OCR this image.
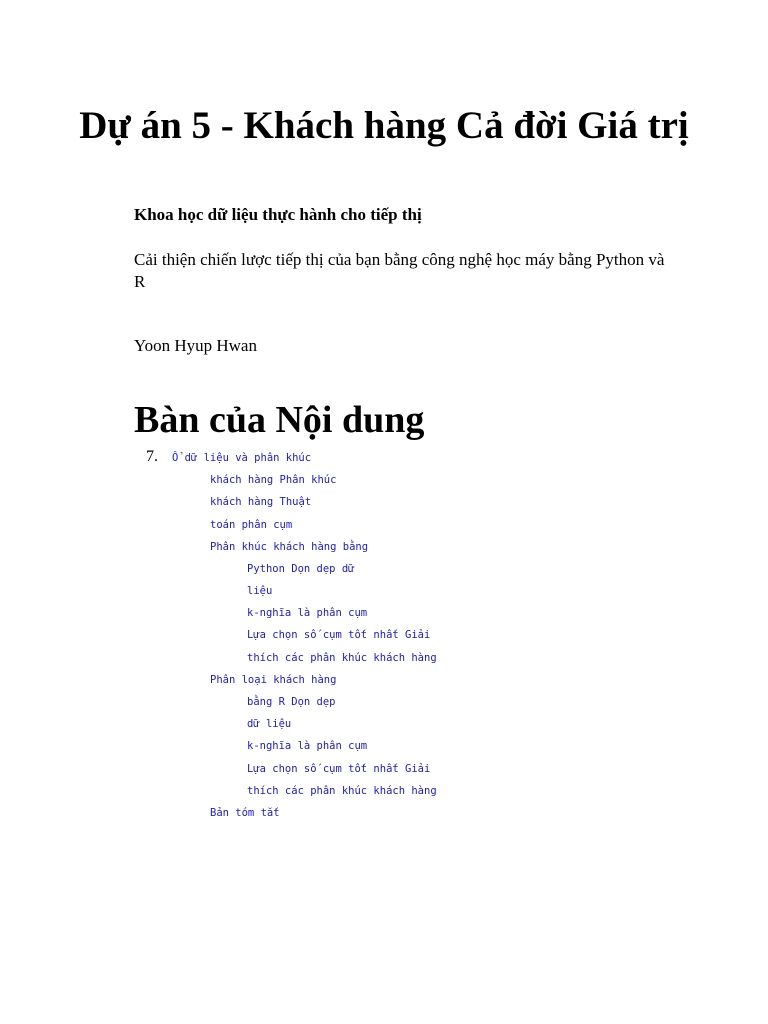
Dự án 5 - Khách hàng Cả đời Giá trị

Khoa học dữ liệu thực hành cho tiếp thị

Cải thiện chiến lược tiếp thị của bạn bằng công nghệ học máy bằng Python và R

Yoon Hyup Hwan

Bàn của Nội dung
7. Ổ dữ liệu và phân khúc
khách hàng Phân khúc
khách hàng Thuật
toán phân cụm
Phân khúc khách hàng bằng
Python Dọn dẹp dữ
liệu
k-nghĩa là phân cụm
Lựa chọn số cụm tốt nhất Giải
thích các phân khúc khách hàng
Phân loại khách hàng
bằng R Dọn dẹp
dữ liệu
k-nghĩa là phân cụm
Lựa chọn số cụm tốt nhất Giải
thích các phân khúc khách hàng
Bản tóm tắt
